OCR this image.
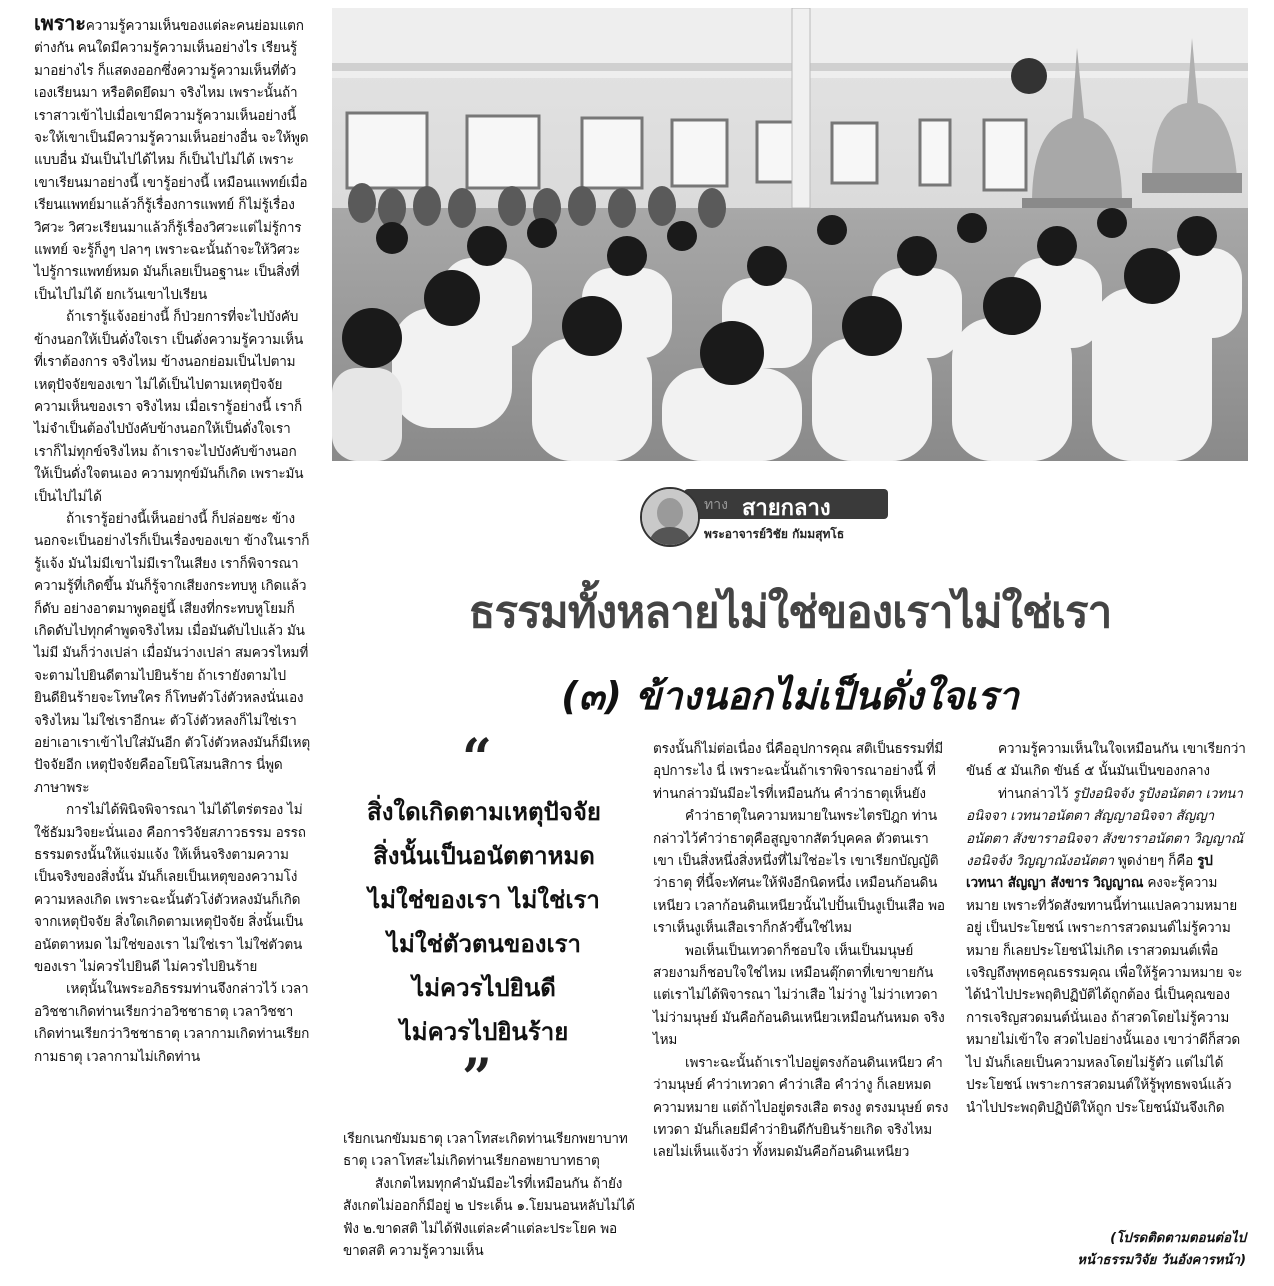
เพราะความรู้ความเห็นของแต่ละคนย่อมแตกต่างกัน คนใดมีความรู้ความเห็นอย่างไร เรียนรู้มาอย่างไร ก็แสดงออกซึ่งความรู้ความเห็นที่ตัวเองเรียนมา หรือติดยึดมา จริงไหม เพราะนั้นถ้าเราสาวเข้าไปเมื่อเขามีความรู้ความเห็นอย่างนี้ จะให้เขาเป็นมีความรู้ความเห็นอย่างอื่น จะให้พูดแบบอื่น มันเป็นไปได้ไหม ก็เป็นไปไม่ได้ เพราะเขาเรียนมาอย่างนี้ เขารู้อย่างนี้ เหมือนแพทย์เมื่อเรียนแพทย์มาแล้วก็รู้เรื่องการแพทย์ ก็ไม่รู้เรื่องวิศวะ วิศวะเรียนมาแล้วก็รู้เรื่องวิศวะแต่ไม่รู้การแพทย์ จะรู้ก็งูๆ ปลาๆ เพราะฉะนั้นถ้าจะให้วิศวะไปรู้การแพทย์หมด มันก็เลยเป็นอฐานะ เป็นสิ่งที่เป็นไปไม่ได้ ยกเว้นเขาไปเรียน

ถ้าเรารู้แจ้งอย่างนี้ ก็ป่วยการที่จะไปบังคับข้างนอกให้เป็นดั่งใจเรา เป็นดั่งความรู้ความเห็นที่เราต้องการ จริงไหม ข้างนอกย่อมเป็นไปตามเหตุปัจจัยของเขา ไม่ได้เป็นไปตามเหตุปัจจัยความเห็นของเรา จริงไหม เมื่อเรารู้อย่างนี้ เราก็ไม่จำเป็นต้องไปบังคับข้างนอกให้เป็นดั่งใจเรา เราก็ไม่ทุกข์จริงไหม ถ้าเราจะไปบังคับข้างนอกให้เป็นดั่งใจตนเอง ความทุกข์มันก็เกิด เพราะมันเป็นไปไม่ได้

ถ้าเรารู้อย่างนี้เห็นอย่างนี้ ก็ปล่อยซะ ข้างนอกจะเป็นอย่างไรก็เป็นเรื่องของเขา ข้างในเราก็รู้แจ้ง มันไม่มีเขาไม่มีเราในเสียง เราก็พิจารณาความรู้ที่เกิดขึ้น มันก็รู้จากเสียงกระทบหู เกิดแล้วก็ดับ อย่างอาตมาพูดอยู่นี้ เสียงที่กระทบหูโยมก็เกิดดับไปทุกคำพูดจริงไหม เมื่อมันดับไปแล้ว มันไม่มี มันก็ว่างเปล่า เมื่อมันว่างเปล่า สมควรไหมที่จะตามไปยินดีตามไปยินร้าย ถ้าเรายังตามไปยินดียินร้ายจะโทษใคร ก็โทษตัวโง่ตัวหลงนั่นเอง จริงไหม ไม่ใช่เราอีกนะ ตัวโง่ตัวหลงก็ไม่ใช่เรา อย่าเอาเราเข้าไปใส่มันอีก ตัวโง่ตัวหลงมันก็มีเหตุปัจจัยอีก เหตุปัจจัยคืออโยนิโสมนสิการ นี่พูดภาษาพระ

การไม่ได้พินิจพิจารณา ไม่ได้ไตร่ตรอง ไม่ใช้ธัมมวิจยะนั่นเอง คือการวิจัยสภาวธรรม อรรถธรรมตรงนั้นให้แจ่มแจ้ง ให้เห็นจริงตามความเป็นจริงของสิ่งนั้น มันก็เลยเป็นเหตุของความโง่ความหลงเกิด เพราะฉะนั้นตัวโง่ตัวหลงมันก็เกิดจากเหตุปัจจัย สิ่งใดเกิดตามเหตุปัจจัย สิ่งนั้นเป็นอนัตตาหมด ไม่ใช่ของเรา ไม่ใช่เรา ไม่ใช่ตัวตนของเรา ไม่ควรไปยินดี ไม่ควรไปยินร้าย

เหตุนั้นในพระอภิธรรมท่านจึงกล่าวไว้ เวลาอวิชชาเกิดท่านเรียกว่าอวิชชาธาตุ เวลาวิชชาเกิดท่านเรียกว่าวิชชาธาตุ เวลากามเกิดท่านเรียกกามธาตุ เวลากามไม่เกิดท่าน

ทาง สายกลาง
พระอาจารย์วิชัย กัมมสุทโธ
ธรรมทั้งหลายไม่ใช่ของเราไม่ใช่เรา
(๓) ข้างนอกไม่เป็นดั่งใจเรา
“
สิ่งใดเกิดตามเหตุปัจจัย
สิ่งนั้นเป็นอนัตตาหมด
ไม่ใช่ของเรา ไม่ใช่เรา
ไม่ใช่ตัวตนของเรา
ไม่ควรไปยินดี
ไม่ควรไปยินร้าย
”

เรียกเนกขัมมธาตุ เวลาโทสะเกิดท่านเรียกพยาบาทธาตุ เวลาโทสะไม่เกิดท่านเรียกอพยาบาทธาตุ

สังเกตไหมทุกคำมันมีอะไรที่เหมือนกัน ถ้ายังสังเกตไม่ออกก็มีอยู่ ๒ ประเด็น ๑.โยมนอนหลับไม่ได้ฟัง ๒.ขาดสติ ไม่ได้ฟังแต่ละคำแต่ละประโยค พอขาดสติ ความรู้ความเห็น

ตรงนั้นก็ไม่ต่อเนื่อง นี่คืออุปการคุณ สติเป็นธรรมที่มีอุปการะไง นี่ เพราะฉะนั้นถ้าเราพิจารณาอย่างนี้ ที่ท่านกล่าวมันมีอะไรที่เหมือนกัน คำว่าธาตุเห็นยัง

คำว่าธาตุในความหมายในพระไตรปิฎก ท่านกล่าวไว้คำว่าธาตุคือสูญจากสัตว์บุคคล ตัวตนเราเขา เป็นสิ่งหนึ่งสิ่งหนึ่งที่ไม่ใช่อะไร เขาเรียกบัญญัติว่าธาตุ ที่นี้จะทัศนะให้ฟังอีกนิดหนึ่ง เหมือนก้อนดินเหนียว เวลาก้อนดินเหนียวนั้นไปปั้นเป็นงูเป็นเสือ พอเราเห็นงูเห็นเสือเราก็กลัวขึ้นใช่ไหม

พอเห็นเป็นเทวดาก็ชอบใจ เห็นเป็นมนุษย์สวยงามก็ชอบใจใช่ไหม เหมือนตุ๊กตาที่เขาขายกัน แต่เราไม่ได้พิจารณา ไม่ว่าเสือ ไม่ว่างู ไม่ว่าเทวดา ไม่ว่ามนุษย์ มันคือก้อนดินเหนียวเหมือนกันหมด จริงไหม

เพราะฉะนั้นถ้าเราไปอยู่ตรงก้อนดินเหนียว คำว่ามนุษย์ คำว่าเทวดา คำว่าเสือ คำว่างู ก็เลยหมดความหมาย แต่ถ้าไปอยู่ตรงเสือ ตรงงู ตรงมนุษย์ ตรงเทวดา มันก็เลยมีคำว่ายินดีกับยินร้ายเกิด จริงไหม เลยไม่เห็นแจ้งว่า ทั้งหมดมันคือก้อนดินเหนียว

ความรู้ความเห็นในใจเหมือนกัน เขาเรียกว่าขันธ์ ๕ มันเกิด ขันธ์ ๕ นั้นมันเป็นของกลาง

ท่านกล่าวไว้ รูปังอนิจจัง รูปังอนัตตา เวทนาอนิจจา เวทนาอนัตตา สัญญาอนิจจา สัญญาอนัตตา สังขาราอนิจจา สังขาราอนัตตา วิญญาณังอนิจจัง วิญญาณังอนัตตา พูดง่ายๆ ก็คือ รูป เวทนา สัญญา สังขาร วิญญาณ คงจะรู้ความหมาย เพราะที่วัดสังฆทานนี้ท่านแปลความหมายอยู่ เป็นประโยชน์ เพราะการสวดมนต์ไม่รู้ความหมาย ก็เลยประโยชน์ไม่เกิด เราสวดมนต์เพื่อเจริญถึงพุทธคุณธรรมคุณ เพื่อให้รู้ความหมาย จะได้นำไปประพฤติปฏิบัติได้ถูกต้อง นี่เป็นคุณของการเจริญสวดมนต์นั่นเอง ถ้าสวดโดยไม่รู้ความหมายไม่เข้าใจ สวดไปอย่างนั้นเอง เขาว่าดีก็สวดไป มันก็เลยเป็นความหลงโดยไม่รู้ตัว แต่ไม่ได้ประโยชน์ เพราะการสวดมนต์ให้รู้พุทธพจน์แล้วนำไปประพฤติปฏิบัติให้ถูก ประโยชน์มันจึงเกิด

(โปรดติดตามตอนต่อไป
หน้าธรรมวิจัย วันอังคารหน้า)
